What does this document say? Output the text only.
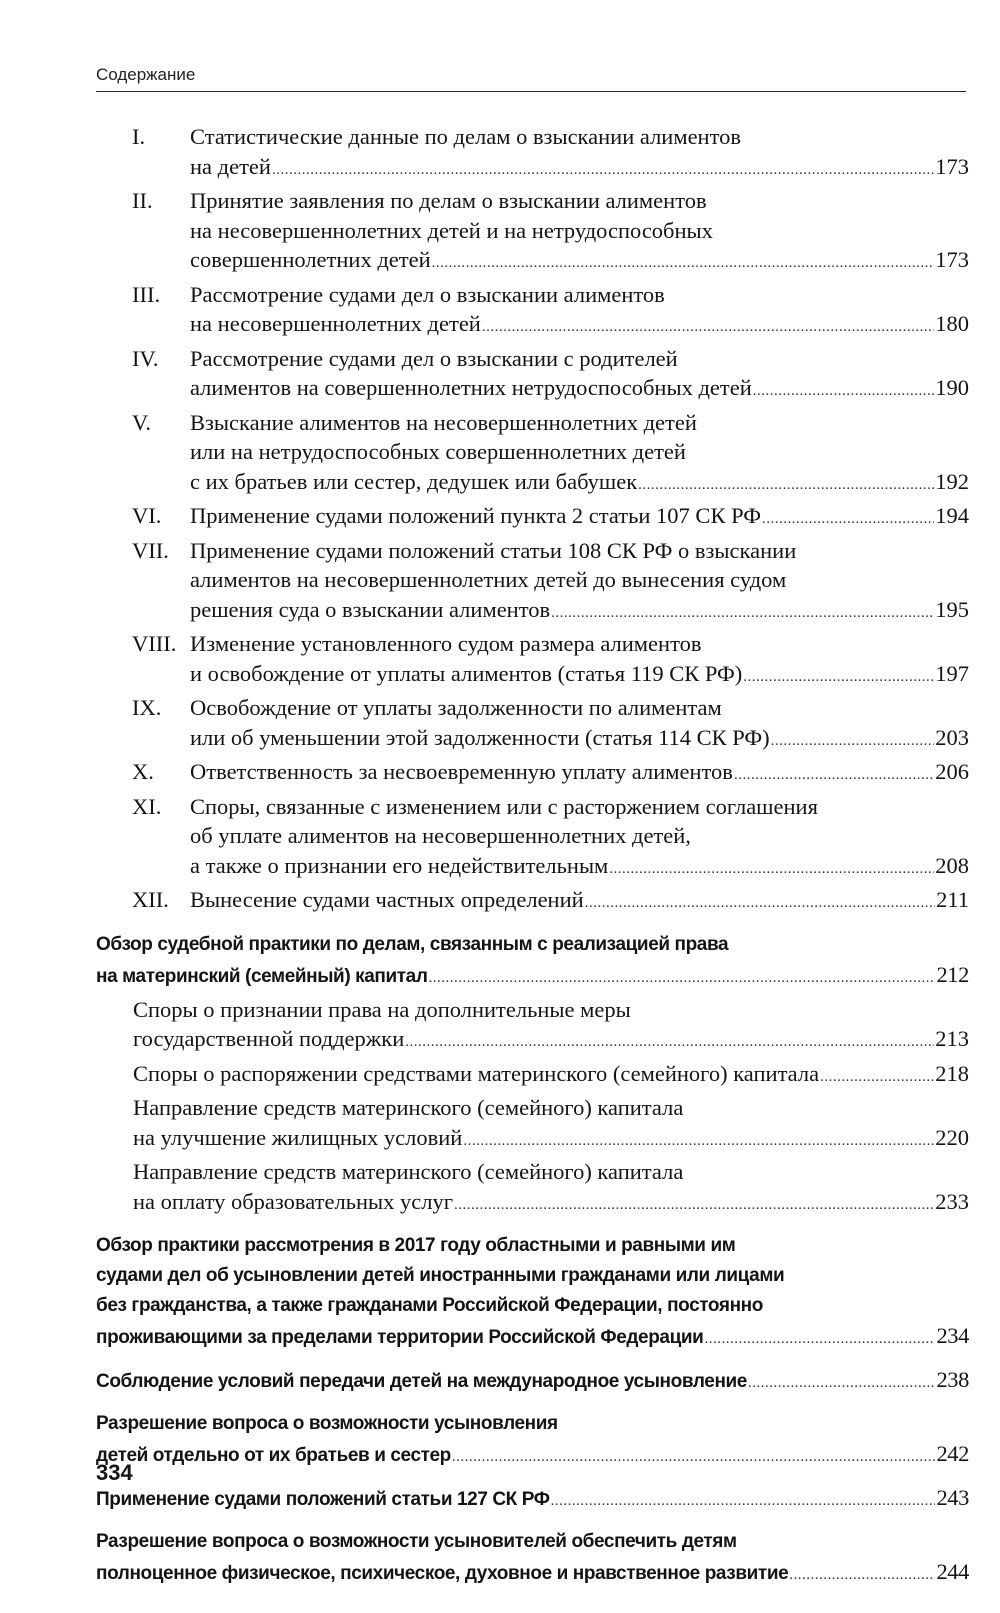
Содержание
I.	Статистические данные по делам о взыскании алиментов
на детей .....	173
II.	Принятие заявления по делам о взыскании алиментов
на несовершеннолетних детей и на нетрудоспособных
совершеннолетних детей .....	173
III.	Рассмотрение судами дел о взыскании алиментов
на несовершеннолетних детей .....	180
IV.	Рассмотрение судами дел о взыскании с родителей
алиментов на совершеннолетних нетрудоспособных детей .....	190
V.	Взыскание алиментов на несовершеннолетних детей
или на нетрудоспособных совершеннолетних детей
с их братьев или сестер, дедушек или бабушек .....	192
VI.	Применение судами положений пункта 2 статьи 107 СК РФ .....	194
VII. Применение судами положений статьи 108 СК РФ о взыскании
алиментов на несовершеннолетних детей до вынесения судом
решения суда о взыскании алиментов .....	195
VIII. Изменение установленного судом размера алиментов
и освобождение от уплаты алиментов (статья 119 СК РФ) .....	197
IX.	Освобождение от уплаты задолженности по алиментам
или об уменьшении этой задолженности (статья 114 СК РФ) .....	203
X.	Ответственность за несвоевременную уплату алиментов .....	206
XI.	Споры, связанные с изменением или с расторжением соглашения
об уплате алиментов на несовершеннолетних детей,
а также о признании его недействительным .....	208
XII. Вынесение судами частных определений .....	211
Обзор судебной практики по делам, связанным с реализацией права
на материнский (семейный) капитал .....	212
Споры о признании права на дополнительные меры
государственной поддержки .....	213
Споры о распоряжении средствами материнского (семейного) капитала .....	218
Направление средств материнского (семейного) капитала
на улучшение жилищных условий .....	220
Направление средств материнского (семейного) капитала
на оплату образовательных услуг .....	233
Обзор практики рассмотрения в 2017 году областными и равными им
судами дел об усыновлении детей иностранными гражданами или лицами
без гражданства, а также гражданами Российской Федерации, постоянно
проживающими за пределами территории Российской Федерации .....	234
Соблюдение условий передачи детей на международное усыновление .....	238
Разрешение вопроса о возможности усыновления
детей отдельно от их братьев и сестер .....	242
Применение судами положений статьи 127 СК РФ .....	243
Разрешение вопроса о возможности усыновителей обеспечить детям
полноценное физическое, психическое, духовное и нравственное развитие .....	244
334
